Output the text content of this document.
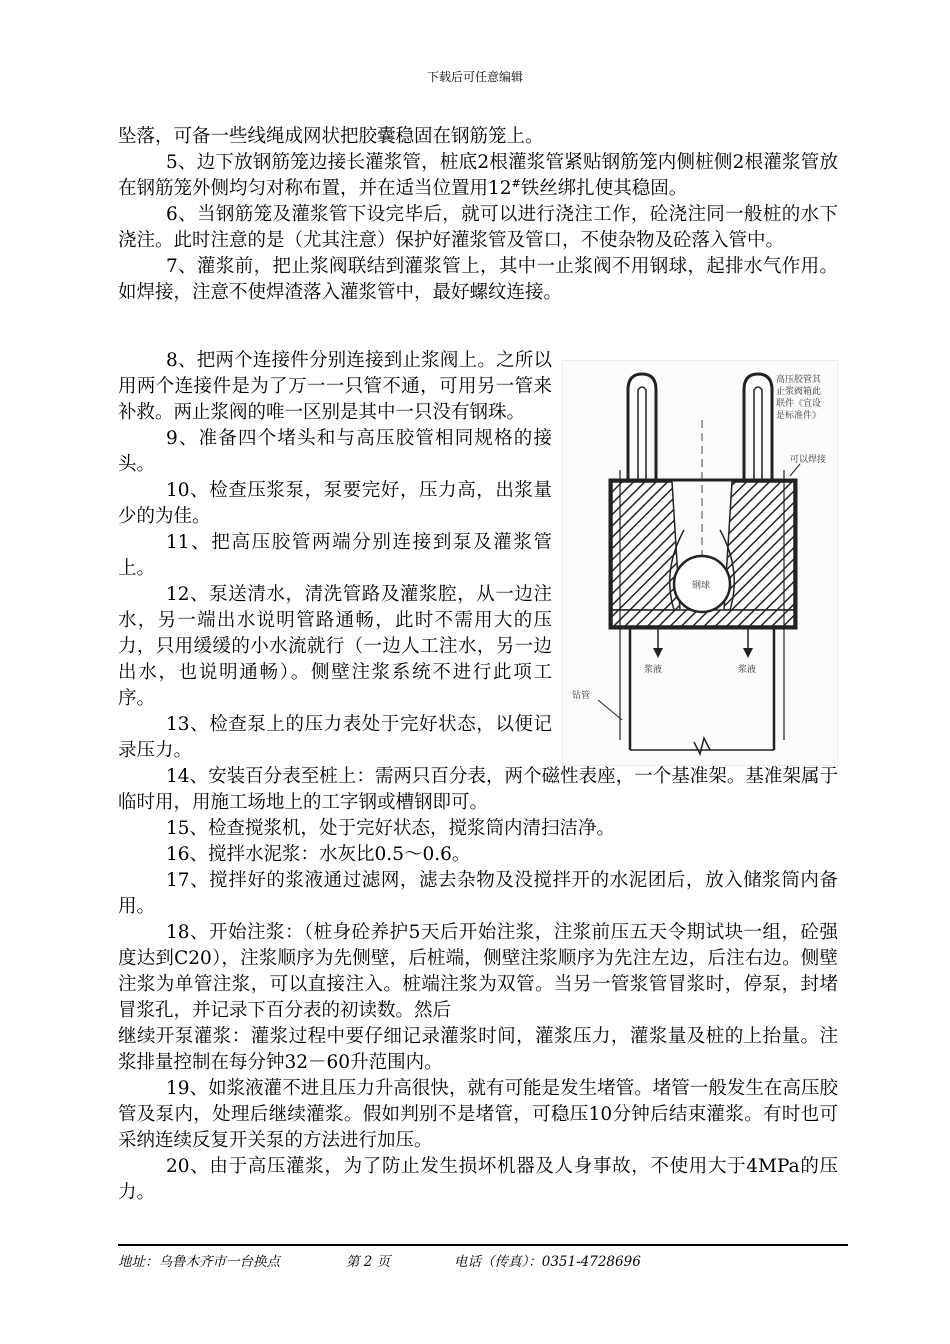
下载后可任意编辑

坠落，可备一些线绳成网状把胶囊稳固在钢筋笼上。

5、边下放钢筋笼边接长灌浆管，桩底2根灌浆管紧贴钢筋笼内侧桩侧2根灌浆管放在钢筋笼外侧均匀对称布置，并在适当位置用12#铁丝绑扎使其稳固。

6、当钢筋笼及灌浆管下设完毕后，就可以进行浇注工作，砼浇注同一般桩的水下浇注。此时注意的是（尤其注意）保护好灌浆管及管口，不使杂物及砼落入管中。

7、灌浆前，把止浆阀联结到灌浆管上，其中一止浆阀不用钢球，起排水气作用。如焊接，注意不使焊渣落入灌浆管中，最好螺纹连接。

8、把两个连接件分别连接到止浆阀上。之所以用两个连接件是为了万一一只管不通，可用另一管来补救。两止浆阀的唯一区别是其中一只没有钢珠。

9、准备四个堵头和与高压胶管相同规格的接头。

10、检查压浆泵，泵要完好，压力高，出浆量少的为佳。

11、把高压胶管两端分别连接到泵及灌浆管上。

12、泵送清水，清洗管路及灌浆腔，从一边注水，另一端出水说明管路通畅，此时不需用大的压力，只用缓缓的小水流就行（一边人工注水，另一边出水，也说明通畅）。侧壁注浆系统不进行此项工序。

13、检查泵上的压力表处于完好状态，以便记录压力。

高压胶管其
止浆阀箱此
联件《宜设
是标准件》
可以焊接
钢球
浆液	浆液
钻管

14、安装百分表至桩上：需两只百分表，两个磁性表座，一个基准架。基准架属于临时用，用施工场地上的工字钢或槽钢即可。

15、检查搅浆机，处于完好状态，搅浆筒内清扫洁净。

16、搅拌水泥浆：水灰比0.5～0.6。

17、搅拌好的浆液通过滤网，滤去杂物及没搅拌开的水泥团后，放入储浆筒内备用。

18、开始注浆：（桩身砼养护5天后开始注浆，注浆前压五天令期试块一组，砼强度达到C20），注浆顺序为先侧壁，后桩端，侧壁注浆顺序为先注左边，后注右边。侧壁注浆为单管注浆，可以直接注入。桩端注浆为双管。当另一管浆管冒浆时，停泵，封堵冒浆孔，并记录下百分表的初读数。然后

继续开泵灌浆：灌浆过程中要仔细记录灌浆时间，灌浆压力，灌浆量及桩的上抬量。注浆排量控制在每分钟32－60升范围内。

19、如浆液灌不进且压力升高很快，就有可能是发生堵管。堵管一般发生在高压胶管及泵内，处理后继续灌浆。假如判别不是堵管，可稳压10分钟后结束灌浆。有时也可采纳连续反复开关泵的方法进行加压。

20、由于高压灌浆，为了防止发生损坏机器及人身事故，不使用大于4MPa的压力。

地址：乌鲁木齐市一台换点	第 2 页	电话（传真）：0351-4728696
